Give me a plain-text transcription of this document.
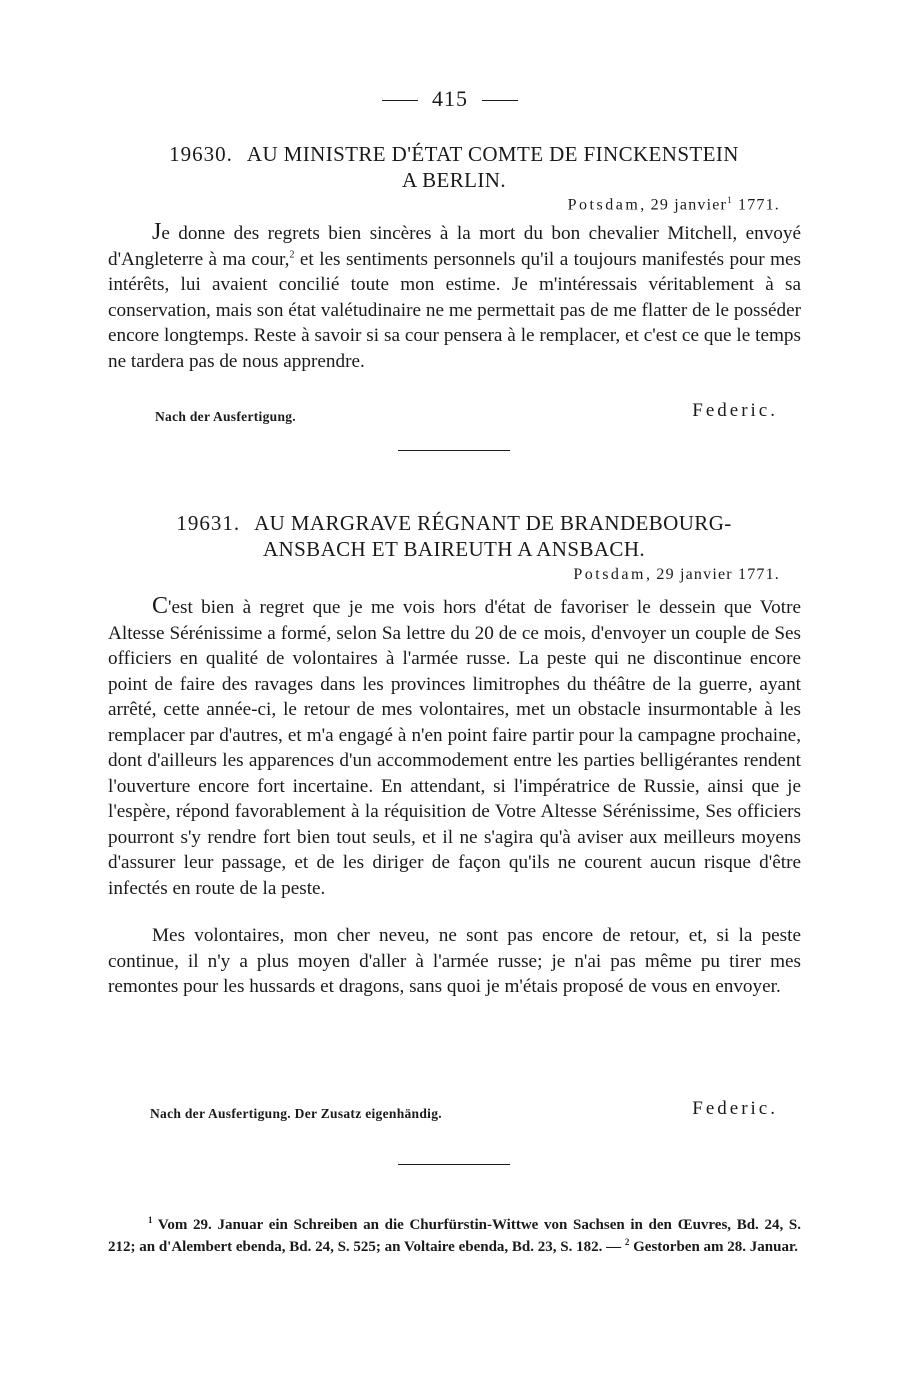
415
19630. AU MINISTRE D'ÉTAT COMTE DE FINCKENSTEIN
A BERLIN.
Potsdam, 29 janvier$^1$ 1771.

Je donne des regrets bien sincères à la mort du bon chevalier Mitchell, envoyé d'Angleterre à ma cour,$^2$ et les sentiments personnels qu'il a toujours manifestés pour mes intérêts, lui avaient concilié toute mon estime. Je m'intéressais véritablement à sa conservation, mais son état valétudinaire ne me permettait pas de me flatter de le posséder encore longtemps. Reste à savoir si sa cour pensera à le remplacer, et c'est ce que le temps ne tardera pas de nous apprendre.

Nach der Ausfertigung.	Federic.
19631. AU MARGRAVE RÉGNANT DE BRANDEBOURG-
ANSBACH ET BAIREUTH A ANSBACH.
Potsdam, 29 janvier 1771.

C'est bien à regret que je me vois hors d'état de favoriser le dessein que Votre Altesse Sérénissime a formé, selon Sa lettre du 20 de ce mois, d'envoyer un couple de Ses officiers en qualité de volontaires à l'armée russe. La peste qui ne discontinue encore point de faire des ravages dans les provinces limitrophes du théâtre de la guerre, ayant arrêté, cette année-ci, le retour de mes volontaires, met un obstacle insurmontable à les remplacer par d'autres, et m'a engagé à n'en point faire partir pour la campagne prochaine, dont d'ailleurs les apparences d'un accommodement entre les parties belligérantes rendent l'ouverture encore fort incertaine. En attendant, si l'impératrice de Russie, ainsi que je l'espère, répond favorablement à la réquisition de Votre Altesse Sérénissime, Ses officiers pourront s'y rendre fort bien tout seuls, et il ne s'agira qu'à aviser aux meilleurs moyens d'assurer leur passage, et de les diriger de façon qu'ils ne courent aucun risque d'être infectés en route de la peste.

Mes volontaires, mon cher neveu, ne sont pas encore de retour, et, si la peste continue, il n'y a plus moyen d'aller à l'armée russe; je n'ai pas même pu tirer mes remontes pour les hussards et dragons, sans quoi je m'étais proposé de vous en envoyer.

Nach der Ausfertigung. Der Zusatz eigenhändig.	Federic.

$^1$ Vom 29. Januar ein Schreiben an die Churfürstin-Wittwe von Sachsen in den Œuvres, Bd. 24, S. 212; an d'Alembert ebenda, Bd. 24, S. 525; an Voltaire ebenda, Bd. 23, S. 182. — $^2$ Gestorben am 28. Januar.
